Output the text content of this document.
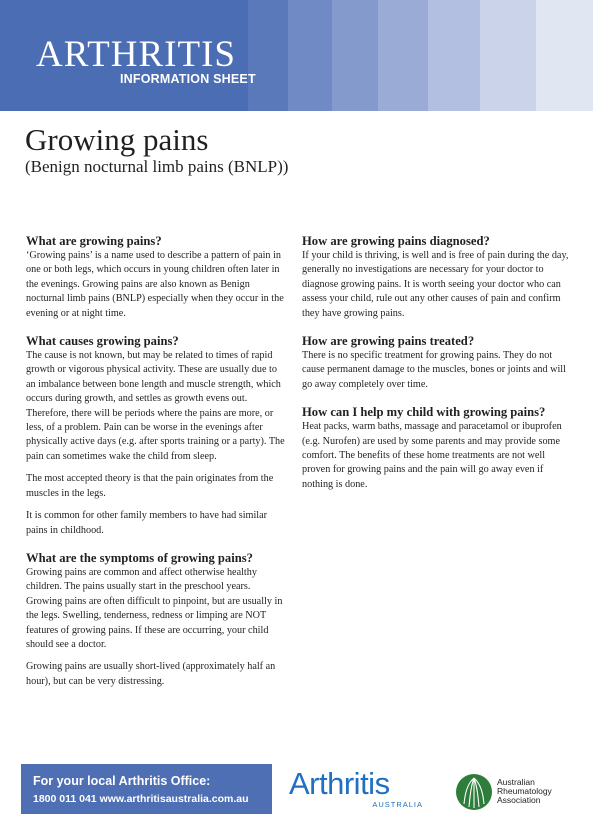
ARTHRITIS
INFORMATION SHEET
Growing pains
(Benign nocturnal limb pains (BNLP))
What are growing pains?

‘Growing pains’ is a name used to describe a pattern of pain in one or both legs, which occurs in young children often later in the evenings. Growing pains are also known as Benign nocturnal limb pains (BNLP) especially when they occur in the evening or at night time.

What causes growing pains?

The cause is not known, but may be related to times of rapid growth or vigorous physical activity. These are usually due to an imbalance between bone length and muscle strength, which occurs during growth, and settles as growth evens out. Therefore, there will be periods where the pains are more, or less, of a problem. Pain can be worse in the evenings after physically active days (e.g. after sports training or a party). The pain can sometimes wake the child from sleep.

The most accepted theory is that the pain originates from the muscles in the legs.

It is common for other family members to have had similar pains in childhood.

What are the symptoms of growing pains?

Growing pains are common and affect otherwise healthy children. The pains usually start in the preschool years. Growing pains are often difficult to pinpoint, but are usually in the legs. Swelling, tenderness, redness or limping are NOT features of growing pains. If these are occurring, your child should see a doctor.

Growing pains are usually short-lived (approximately half an hour), but can be very distressing.

How are growing pains diagnosed?

If your child is thriving, is well and is free of pain during the day, generally no investigations are necessary for your doctor to diagnose growing pains. It is worth seeing your doctor who can assess your child, rule out any other causes of pain and confirm they have growing pains.

How are growing pains treated?

There is no specific treatment for growing pains. They do not cause permanent damage to the muscles, bones or joints and will go away completely over time.

How can I help my child with growing pains?

Heat packs, warm baths, massage and paracetamol or ibuprofen (e.g. Nurofen) are used by some parents and may provide some comfort. The benefits of these home treatments are not well proven for growing pains and the pain will go away even if nothing is done.

For your local Arthritis Office:
1800 011 041 www.arthritisaustralia.com.au	Arthritis
AUSTRALIA
Australian
Rheumatology
Association
